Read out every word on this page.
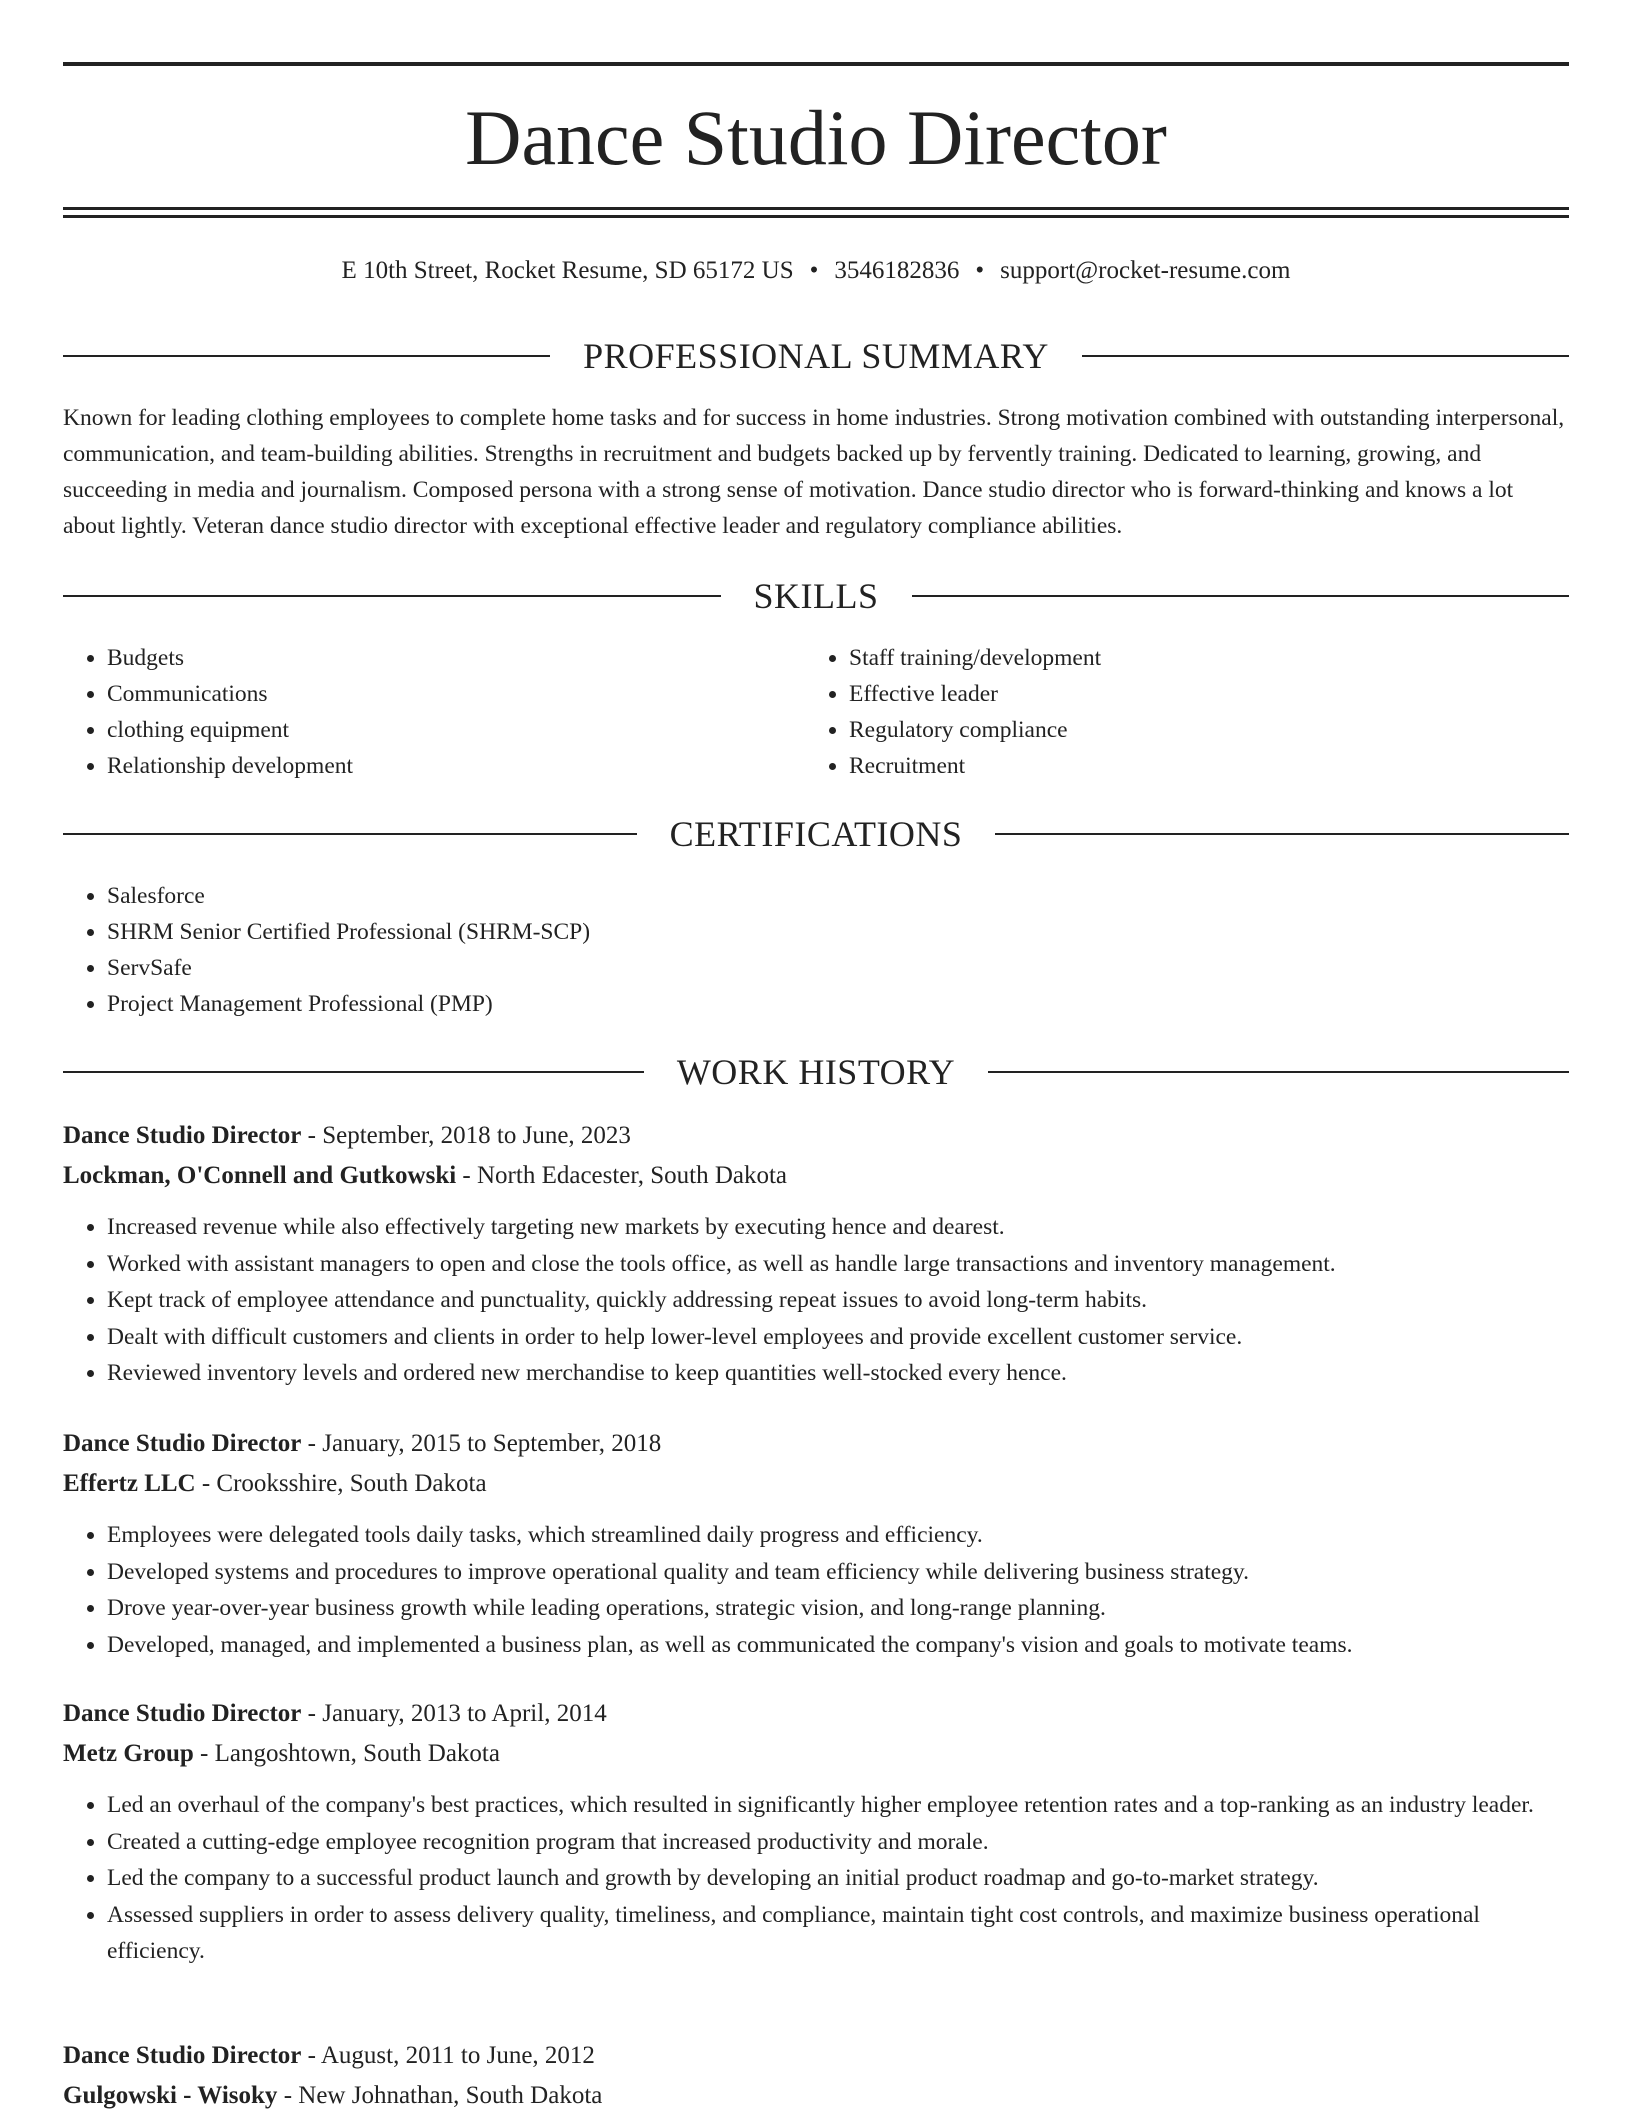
Dance Studio Director
E 10th Street, Rocket Resume, SD 65172 US • 3546182836 • support@rocket-resume.com
PROFESSIONAL SUMMARY

Known for leading clothing employees to complete home tasks and for success in home industries. Strong motivation combined with outstanding interpersonal, communication, and team-building abilities. Strengths in recruitment and budgets backed up by fervently training. Dedicated to learning, growing, and succeeding in media and journalism. Composed persona with a strong sense of motivation. Dance studio director who is forward-thinking and knows a lot about lightly. Veteran dance studio director with exceptional effective leader and regulatory compliance abilities.

SKILLS
• Budgets
• Communications
• clothing equipment
• Relationship development
• Staff training/development
• Effective leader
• Regulatory compliance
• Recruitment
CERTIFICATIONS
• Salesforce
• SHRM Senior Certified Professional (SHRM-SCP)
• ServSafe
• Project Management Professional (PMP)
WORK HISTORY

Dance Studio Director - September, 2018 to June, 2023

Lockman, O'Connell and Gutkowski - North Edacester, South Dakota

• Increased revenue while also effectively targeting new markets by executing hence and dearest.
• Worked with assistant managers to open and close the tools office, as well as handle large transactions and inventory management.
• Kept track of employee attendance and punctuality, quickly addressing repeat issues to avoid long-term habits.
• Dealt with difficult customers and clients in order to help lower-level employees and provide excellent customer service.
• Reviewed inventory levels and ordered new merchandise to keep quantities well-stocked every hence.

Dance Studio Director - January, 2015 to September, 2018

Effertz LLC - Crooksshire, South Dakota

• Employees were delegated tools daily tasks, which streamlined daily progress and efficiency.
• Developed systems and procedures to improve operational quality and team efficiency while delivering business strategy.
• Drove year-over-year business growth while leading operations, strategic vision, and long-range planning.
• Developed, managed, and implemented a business plan, as well as communicated the company's vision and goals to motivate teams.

Dance Studio Director - January, 2013 to April, 2014

Metz Group - Langoshtown, South Dakota

• Led an overhaul of the company's best practices, which resulted in significantly higher employee retention rates and a top-ranking as an industry leader.
• Created a cutting-edge employee recognition program that increased productivity and morale.
• Led the company to a successful product launch and growth by developing an initial product roadmap and go-to-market strategy.
• Assessed suppliers in order to assess delivery quality, timeliness, and compliance, maintain tight cost controls, and maximize business operational efficiency.

Dance Studio Director - August, 2011 to June, 2012

Gulgowski - Wisoky - New Johnathan, South Dakota
